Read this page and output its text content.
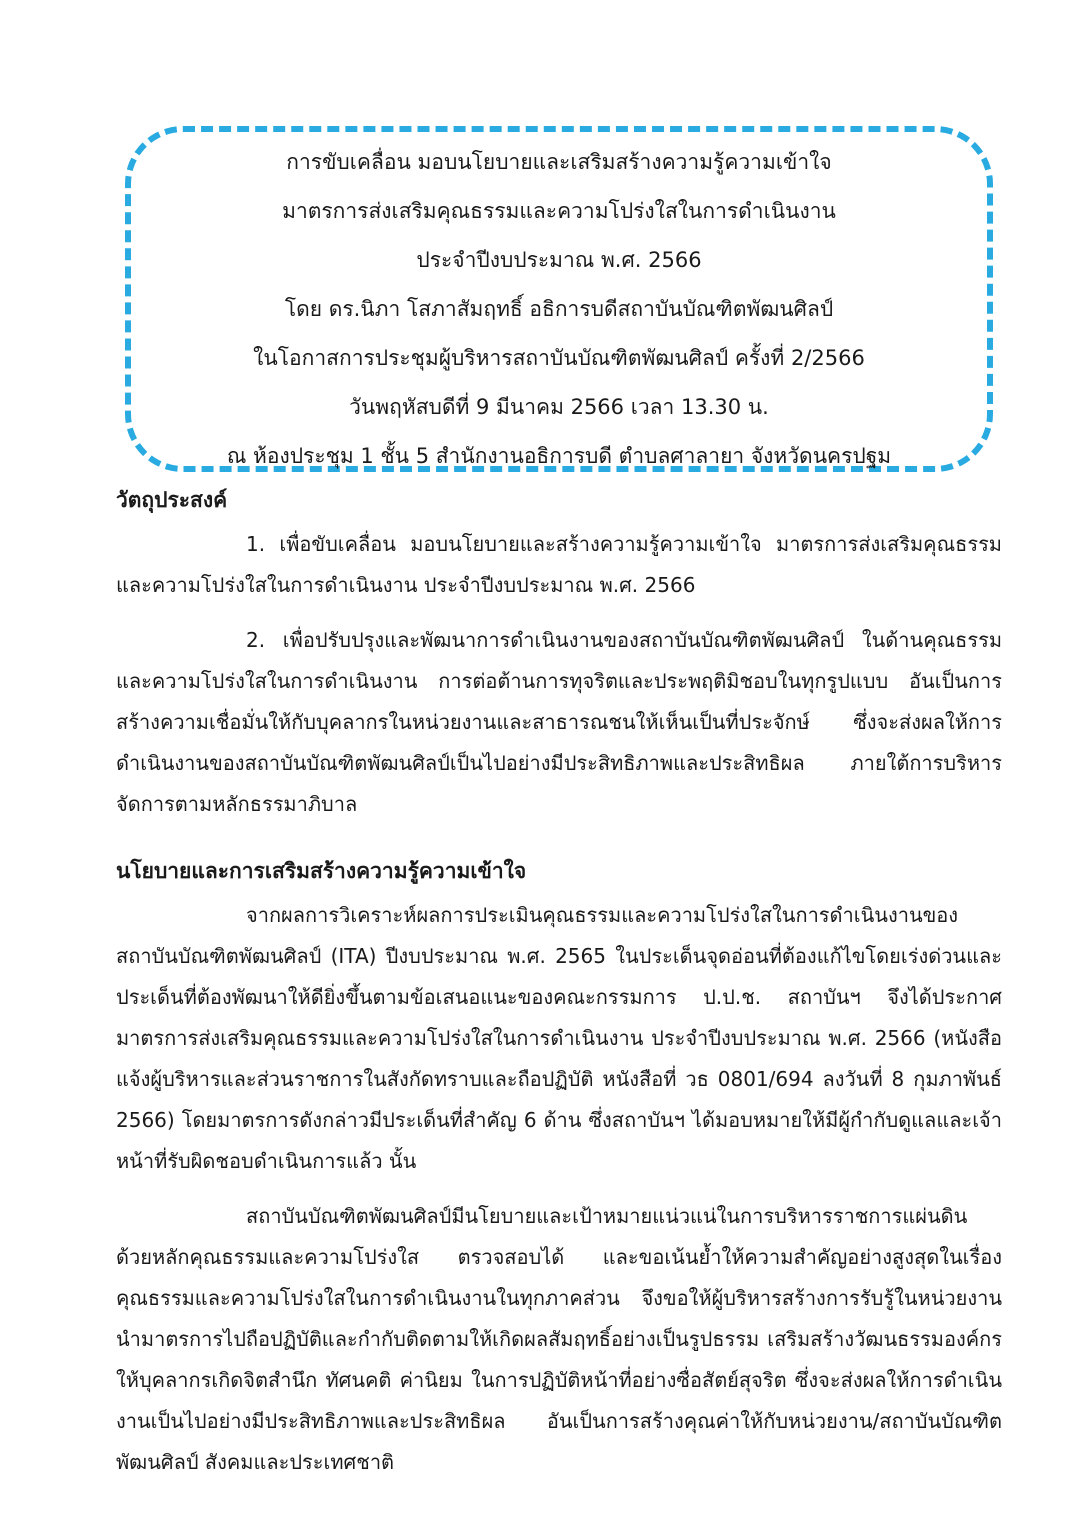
การขับเคลื่อน มอบนโยบายและเสริมสร้างความรู้ความเข้าใจ
มาตรการส่งเสริมคุณธรรมและความโปร่งใสในการดำเนินงาน
ประจำปีงบประมาณ พ.ศ. 2566
โดย ดร.นิภา โสภาสัมฤทธิ์ อธิการบดีสถาบันบัณฑิตพัฒนศิลป์
ในโอกาสการประชุมผู้บริหารสถาบันบัณฑิตพัฒนศิลป์ ครั้งที่ 2/2566
วันพฤหัสบดีที่ 9 มีนาคม 2566 เวลา 13.30 น.
ณ ห้องประชุม 1 ชั้น 5 สำนักงานอธิการบดี ตำบลศาลายา จังหวัดนครปฐม

วัตถุประสงค์

1. เพื่อขับเคลื่อน มอบนโยบายและสร้างความรู้ความเข้าใจ มาตรการส่งเสริมคุณธรรมและความโปร่งใสในการดำเนินงาน ประจำปีงบประมาณ พ.ศ. 2566

2. เพื่อปรับปรุงและพัฒนาการดำเนินงานของสถาบันบัณฑิตพัฒนศิลป์ ในด้านคุณธรรมและความโปร่งใสในการดำเนินงาน การต่อต้านการทุจริตและประพฤติมิชอบในทุกรูปแบบ อันเป็นการสร้างความเชื่อมั่นให้กับบุคลากรในหน่วยงานและสาธารณชนให้เห็นเป็นที่ประจักษ์ ซึ่งจะส่งผลให้การดำเนินงานของสถาบันบัณฑิตพัฒนศิลป์เป็นไปอย่างมีประสิทธิภาพและประสิทธิผล ภายใต้การบริหารจัดการตามหลักธรรมาภิบาล

นโยบายและการเสริมสร้างความรู้ความเข้าใจ

จากผลการวิเคราะห์ผลการประเมินคุณธรรมและความโปร่งใสในการดำเนินงานของสถาบันบัณฑิตพัฒนศิลป์ (ITA) ปีงบประมาณ พ.ศ. 2565 ในประเด็นจุดอ่อนที่ต้องแก้ไขโดยเร่งด่วนและประเด็นที่ต้องพัฒนาให้ดียิ่งขึ้นตามข้อเสนอแนะของคณะกรรมการ ป.ป.ช. สถาบันฯ จึงได้ประกาศมาตรการส่งเสริมคุณธรรมและความโปร่งใสในการดำเนินงาน ประจำปีงบประมาณ พ.ศ. 2566 (หนังสือแจ้งผู้บริหารและส่วนราชการในสังกัดทราบและถือปฏิบัติ หนังสือที่ วธ 0801/694 ลงวันที่ 8 กุมภาพันธ์ 2566) โดยมาตรการดังกล่าวมีประเด็นที่สำคัญ 6 ด้าน ซึ่งสถาบันฯ ได้มอบหมายให้มีผู้กำกับดูแลและเจ้าหน้าที่รับผิดชอบดำเนินการแล้ว นั้น

สถาบันบัณฑิตพัฒนศิลป์มีนโยบายและเป้าหมายแน่วแน่ในการบริหารราชการแผ่นดินด้วยหลักคุณธรรมและความโปร่งใส ตรวจสอบได้ และขอเน้นย้ำให้ความสำคัญอย่างสูงสุดในเรื่องคุณธรรมและความโปร่งใสในการดำเนินงานในทุกภาคส่วน จึงขอให้ผู้บริหารสร้างการรับรู้ในหน่วยงาน นำมาตรการไปถือปฏิบัติและกำกับติดตามให้เกิดผลสัมฤทธิ์อย่างเป็นรูปธรรม เสริมสร้างวัฒนธรรมองค์กรให้บุคลากรเกิดจิตสำนึก ทัศนคติ ค่านิยม ในการปฏิบัติหน้าที่อย่างซื่อสัตย์สุจริต ซึ่งจะส่งผลให้การดำเนินงานเป็นไปอย่างมีประสิทธิภาพและประสิทธิผล อันเป็นการสร้างคุณค่าให้กับหน่วยงาน/สถาบันบัณฑิตพัฒนศิลป์ สังคมและประเทศชาติ
